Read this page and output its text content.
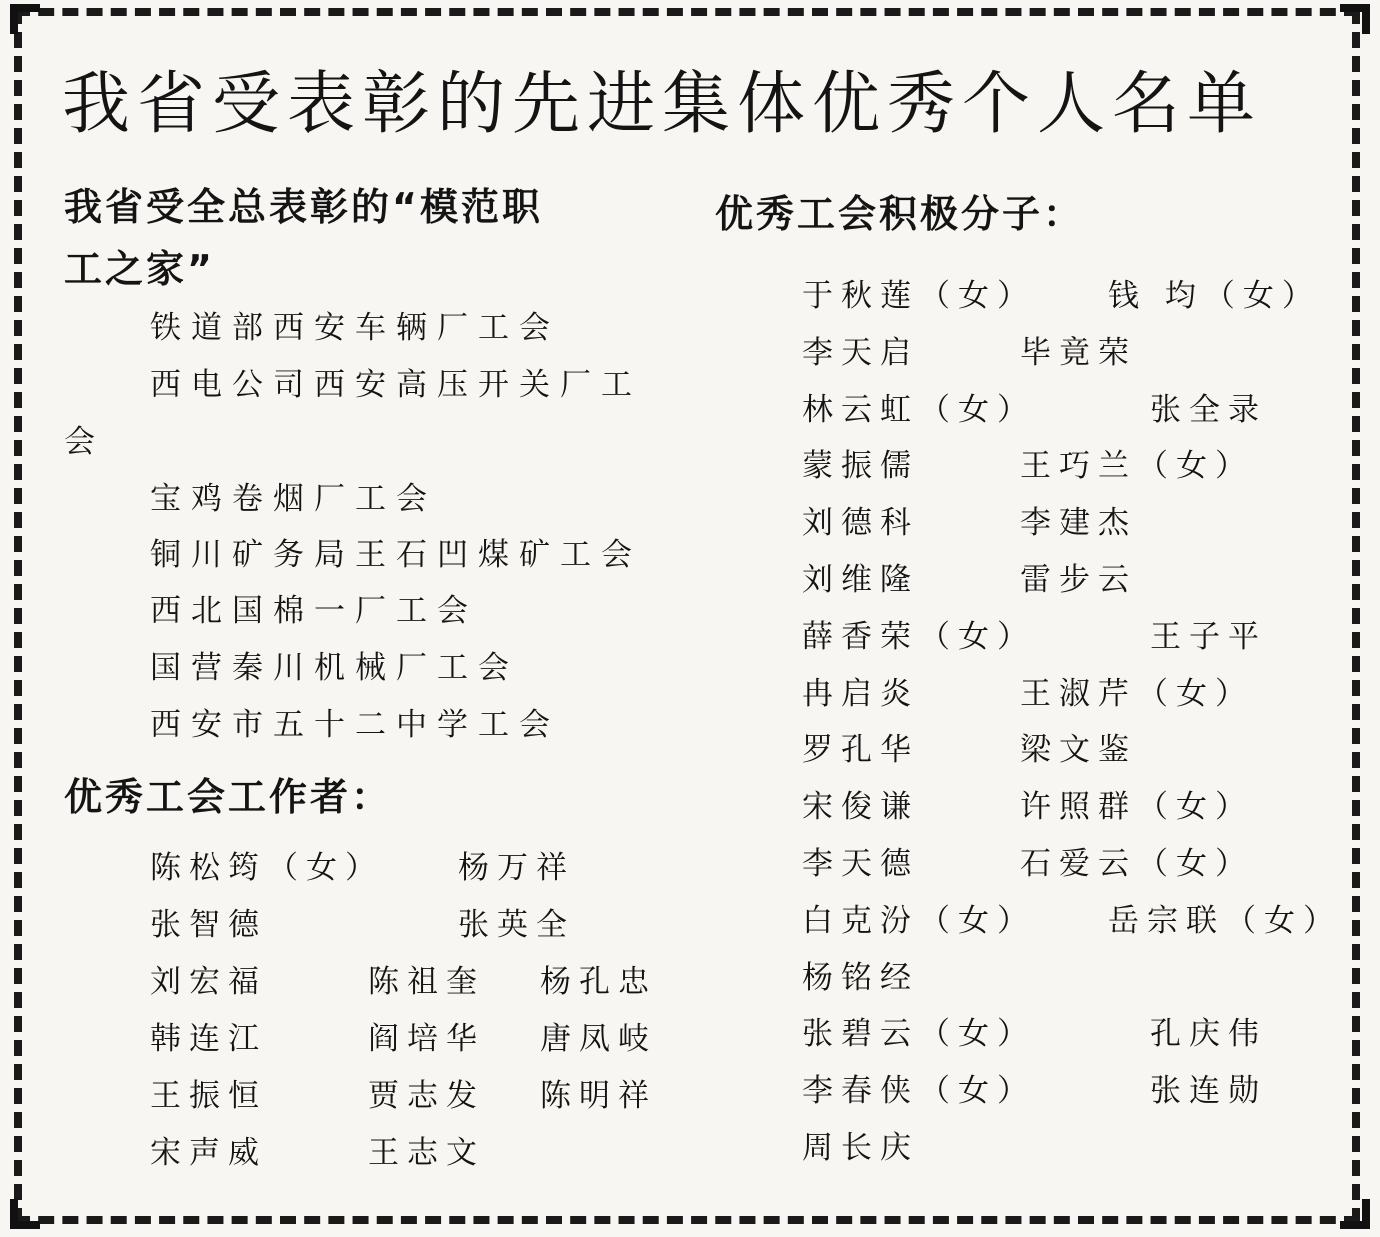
我省受表彰的先进集体优秀个人名单
我省受全总表彰的“模范职
工之家”
铁道部西安车辆厂工会
西电公司西安高压开关厂工
会
宝鸡卷烟厂工会
铜川矿务局王石凹煤矿工会
西北国棉一厂工会
国营秦川机械厂工会
西安市五十二中学工会
优秀工会工作者：
陈松筠（女） 杨万祥
张智德	张英全
刘宏福	陈祖奎 杨孔忠
韩连江	阎培华 唐凤岐
王振恒	贾志发 陈明祥
宋声威	王志文
优秀工会积极分子：
于秋莲（女） 钱 均（女）
李天启	毕竟荣
林云虹（女）	张全录
蒙振儒	王巧兰（女）
刘德科	李建杰
刘维隆	雷步云
薛香荣（女）	王子平
冉启炎	王淑芹（女）
罗孔华	梁文鉴
宋俊谦	许照群（女）
李天德	石爱云（女）
白克汾（女） 岳宗联（女）
杨铭经
张碧云（女）	孔庆伟
李春侠（女）	张连勋
周长庆
